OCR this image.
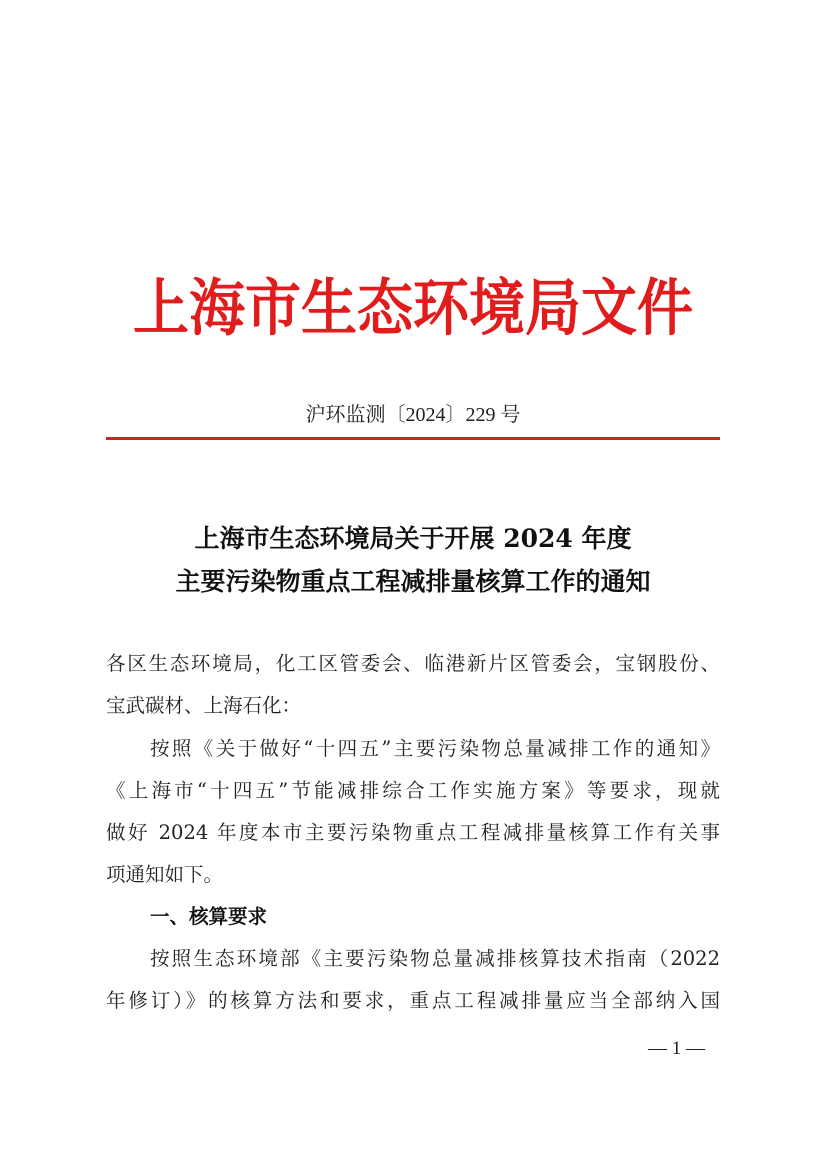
上海市生态环境局文件
沪环监测〔2024〕229 号
上海市生态环境局关于开展 2024 年度
主要污染物重点工程减排量核算工作的通知
各区生态环境局，化工区管委会、临港新片区管委会，宝钢股份、
宝武碳材、上海石化：
按照《关于做好“十四五”主要污染物总量减排工作的通知》
《上海市“十四五”节能减排综合工作实施方案》等要求，现就
做好 2024 年度本市主要污染物重点工程减排量核算工作有关事
项通知如下。
一、核算要求
按照生态环境部《主要污染物总量减排核算技术指南（2022
年修订）》的核算方法和要求，重点工程减排量应当全部纳入国
— 1 —
